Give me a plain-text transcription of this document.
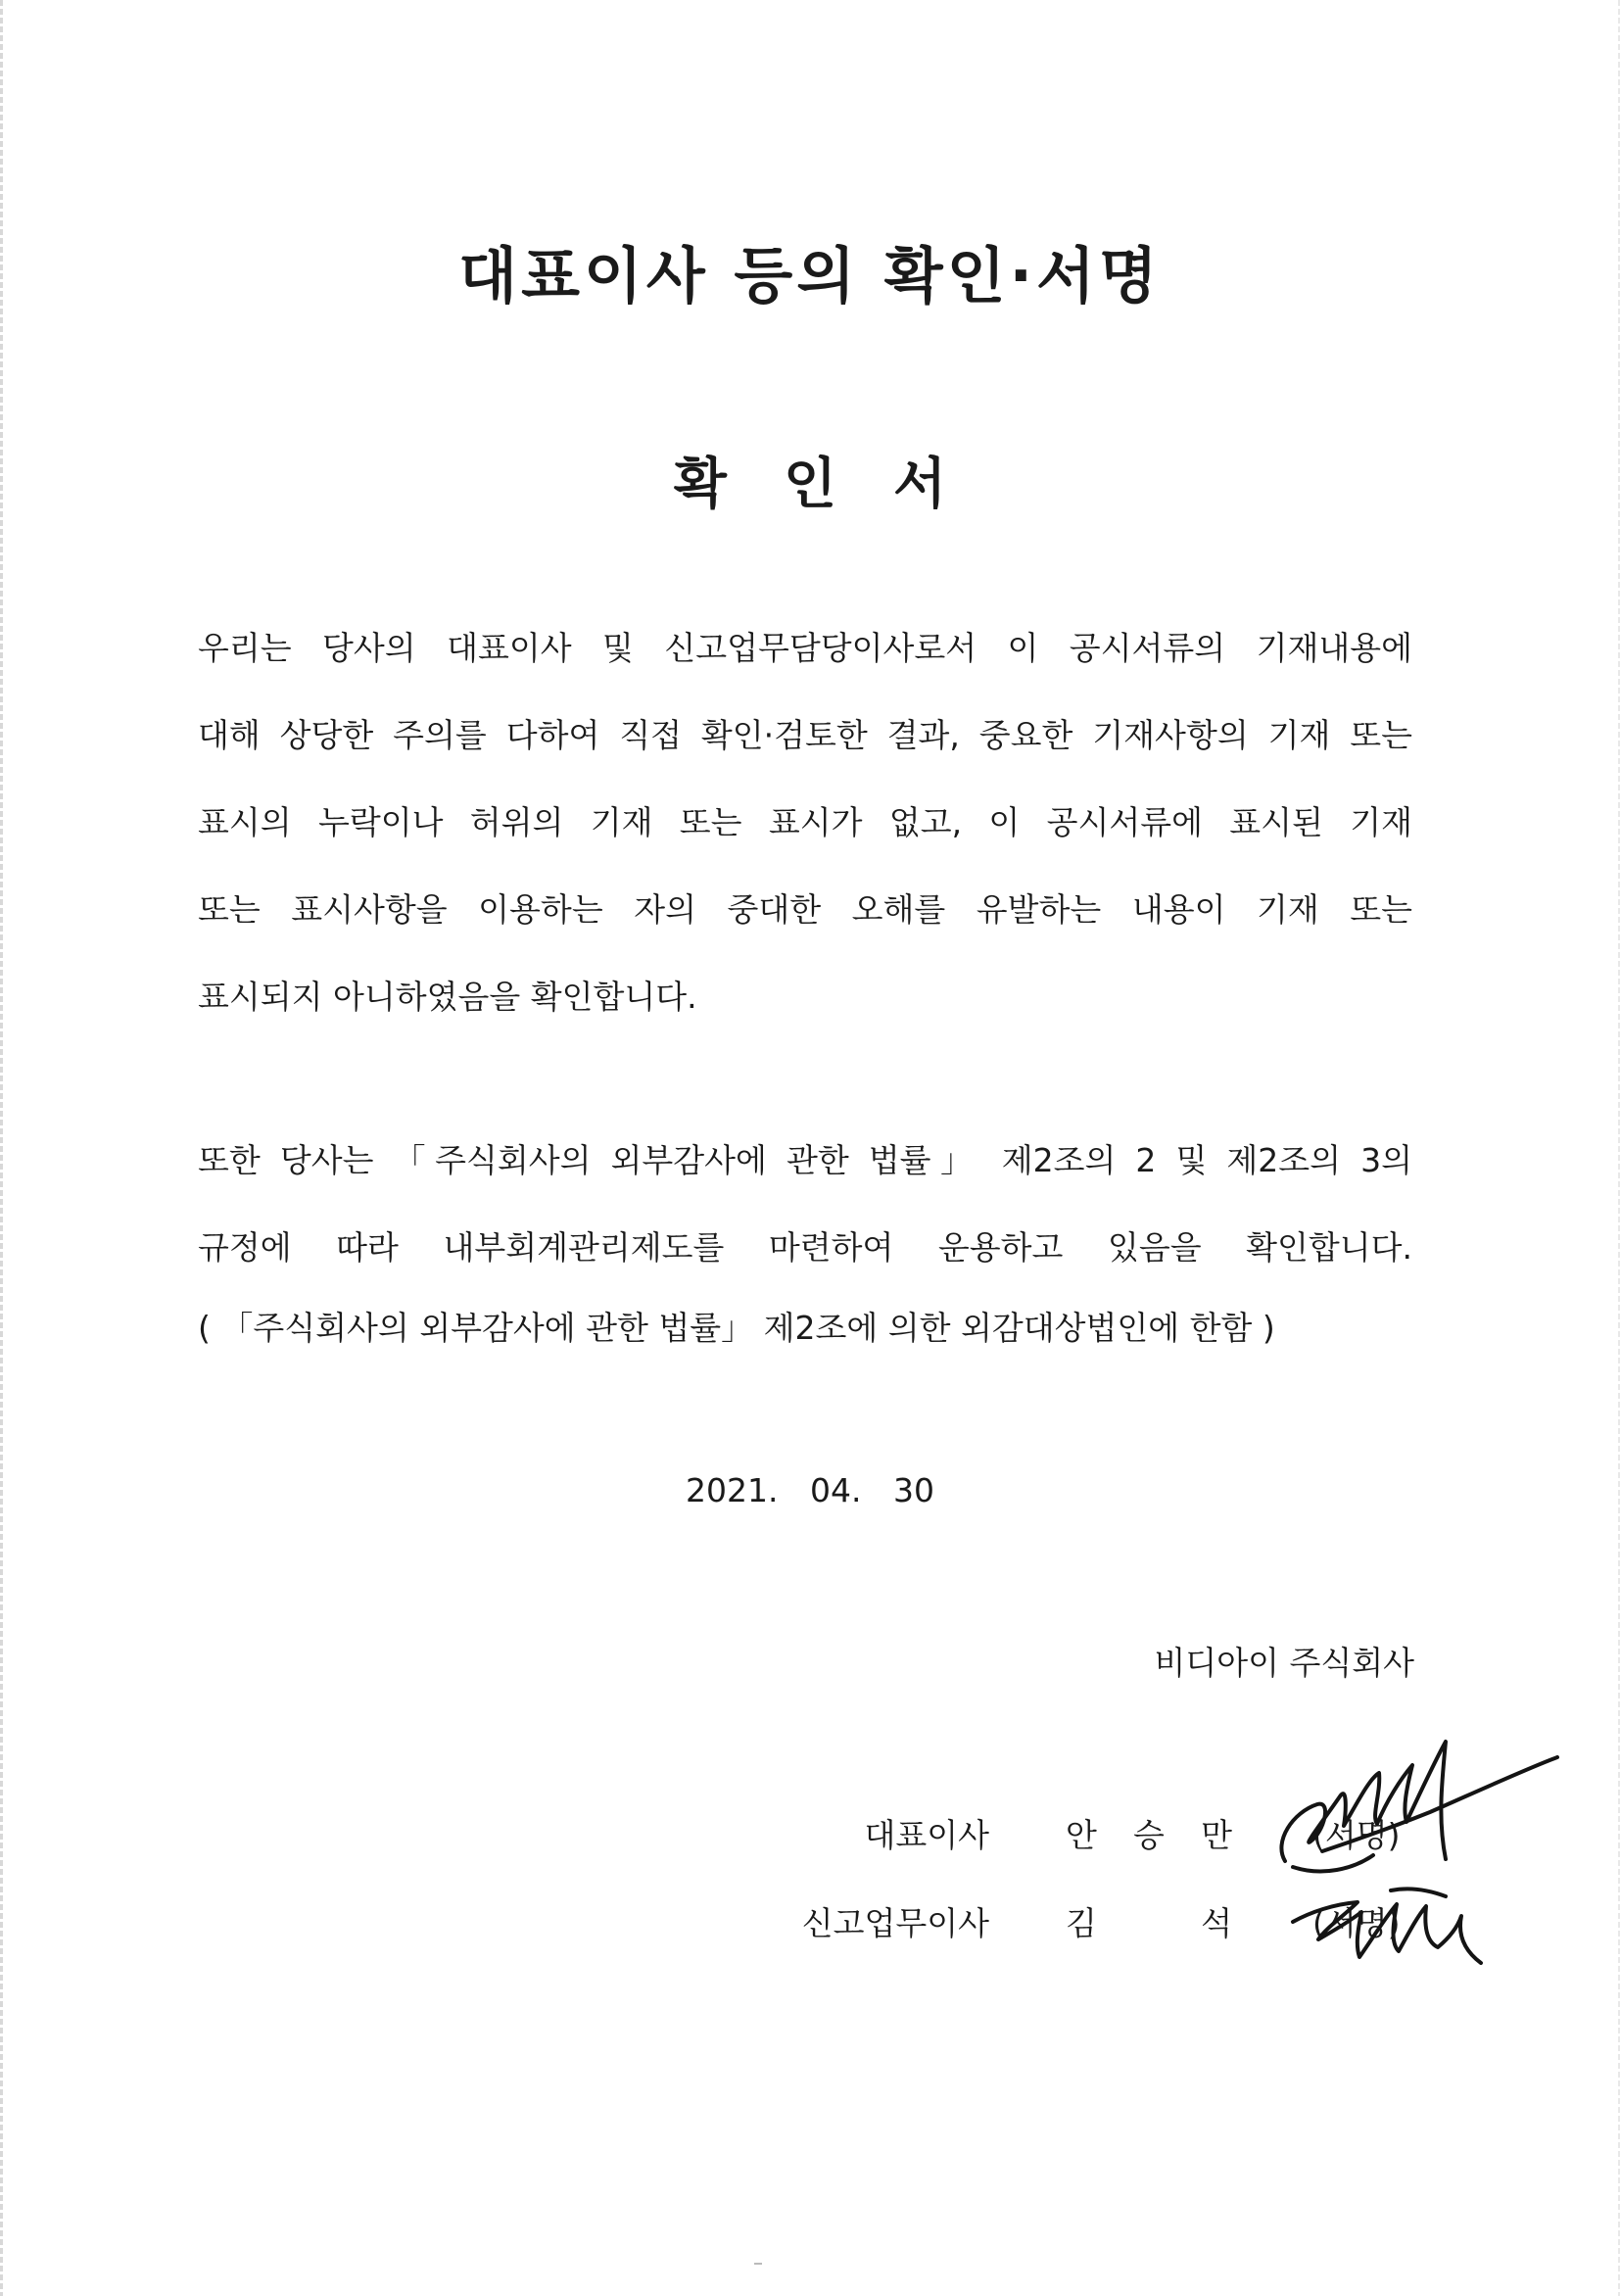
대표이사 등의 확인·서명
확인서

우리는 당사의 대표이사 및 신고업무담당이사로서 이 공시서류의 기재내용에

대해 상당한 주의를 다하여 직접 확인·검토한 결과, 중요한 기재사항의 기재 또는

표시의 누락이나 허위의 기재 또는 표시가 없고, 이 공시서류에 표시된 기재

또는 표시사항을 이용하는 자의 중대한 오해를 유발하는 내용이 기재 또는

표시되지 아니하였음을 확인합니다.

또한 당사는 「주식회사의 외부감사에 관한 법률」 제2조의 2 및 제2조의 3의

규정에 따라 내부회계관리제도를 마련하여 운용하고 있음을 확인합니다.

( 「주식회사의 외부감사에 관한 법률」 제2조에 의한 외감대상법인에 한함 )

2021. 04. 30

비디아이 주식회사

대표이사 안 승 만 (서명)

신고업무이사 김 석 (서명)
